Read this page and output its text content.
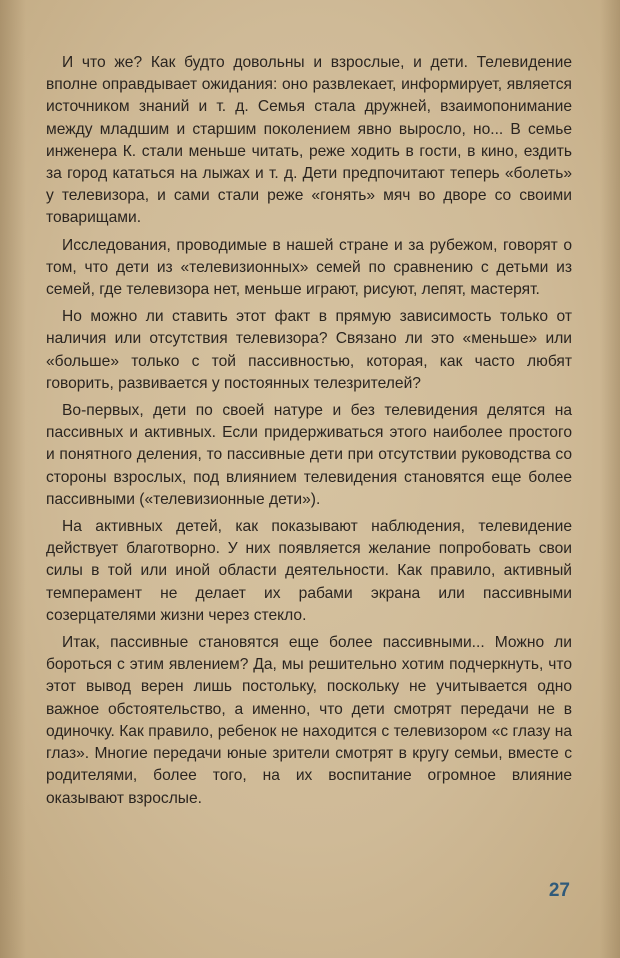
И что же? Как будто довольны и взрослые, и дети. Телевидение вполне оправдывает ожидания: оно развлекает, информирует, является источником знаний и т. д. Семья стала дружней, взаимопонимание между младшим и старшим поколением явно выросло, но... В семье инженера К. стали меньше читать, реже ходить в гости, в кино, ездить за город кататься на лыжах и т. д. Дети предпочитают теперь «болеть» у телевизора, и сами стали реже «гонять» мяч во дворе со своими товарищами.

Исследования, проводимые в нашей стране и за рубежом, говорят о том, что дети из «телевизионных» семей по сравнению с детьми из семей, где телевизора нет, меньше играют, рисуют, лепят, мастерят.

Но можно ли ставить этот факт в прямую зависимость только от наличия или отсутствия телевизора? Связано ли это «меньше» или «больше» только с той пассивностью, которая, как часто любят говорить, развивается у постоянных телезрителей?

Во-первых, дети по своей натуре и без телевидения делятся на пассивных и активных. Если придерживаться этого наиболее простого и понятного деления, то пассивные дети при отсутствии руководства со стороны взрослых, под влиянием телевидения становятся еще более пассивными («телевизионные дети»).

На активных детей, как показывают наблюдения, телевидение действует благотворно. У них появляется желание попробовать свои силы в той или иной области деятельности. Как правило, активный темперамент не делает их рабами экрана или пассивными созерцателями жизни через стекло.

Итак, пассивные становятся еще более пассивными... Можно ли бороться с этим явлением? Да, мы решительно хотим подчеркнуть, что этот вывод верен лишь постольку, поскольку не учитывается одно важное обстоятельство, а именно, что дети смотрят передачи не в одиночку. Как правило, ребенок не находится с телевизором «с глазу на глаз». Многие передачи юные зрители смотрят в кругу семьи, вместе с родителями, более того, на их воспитание огромное влияние оказывают взрослые.

27
